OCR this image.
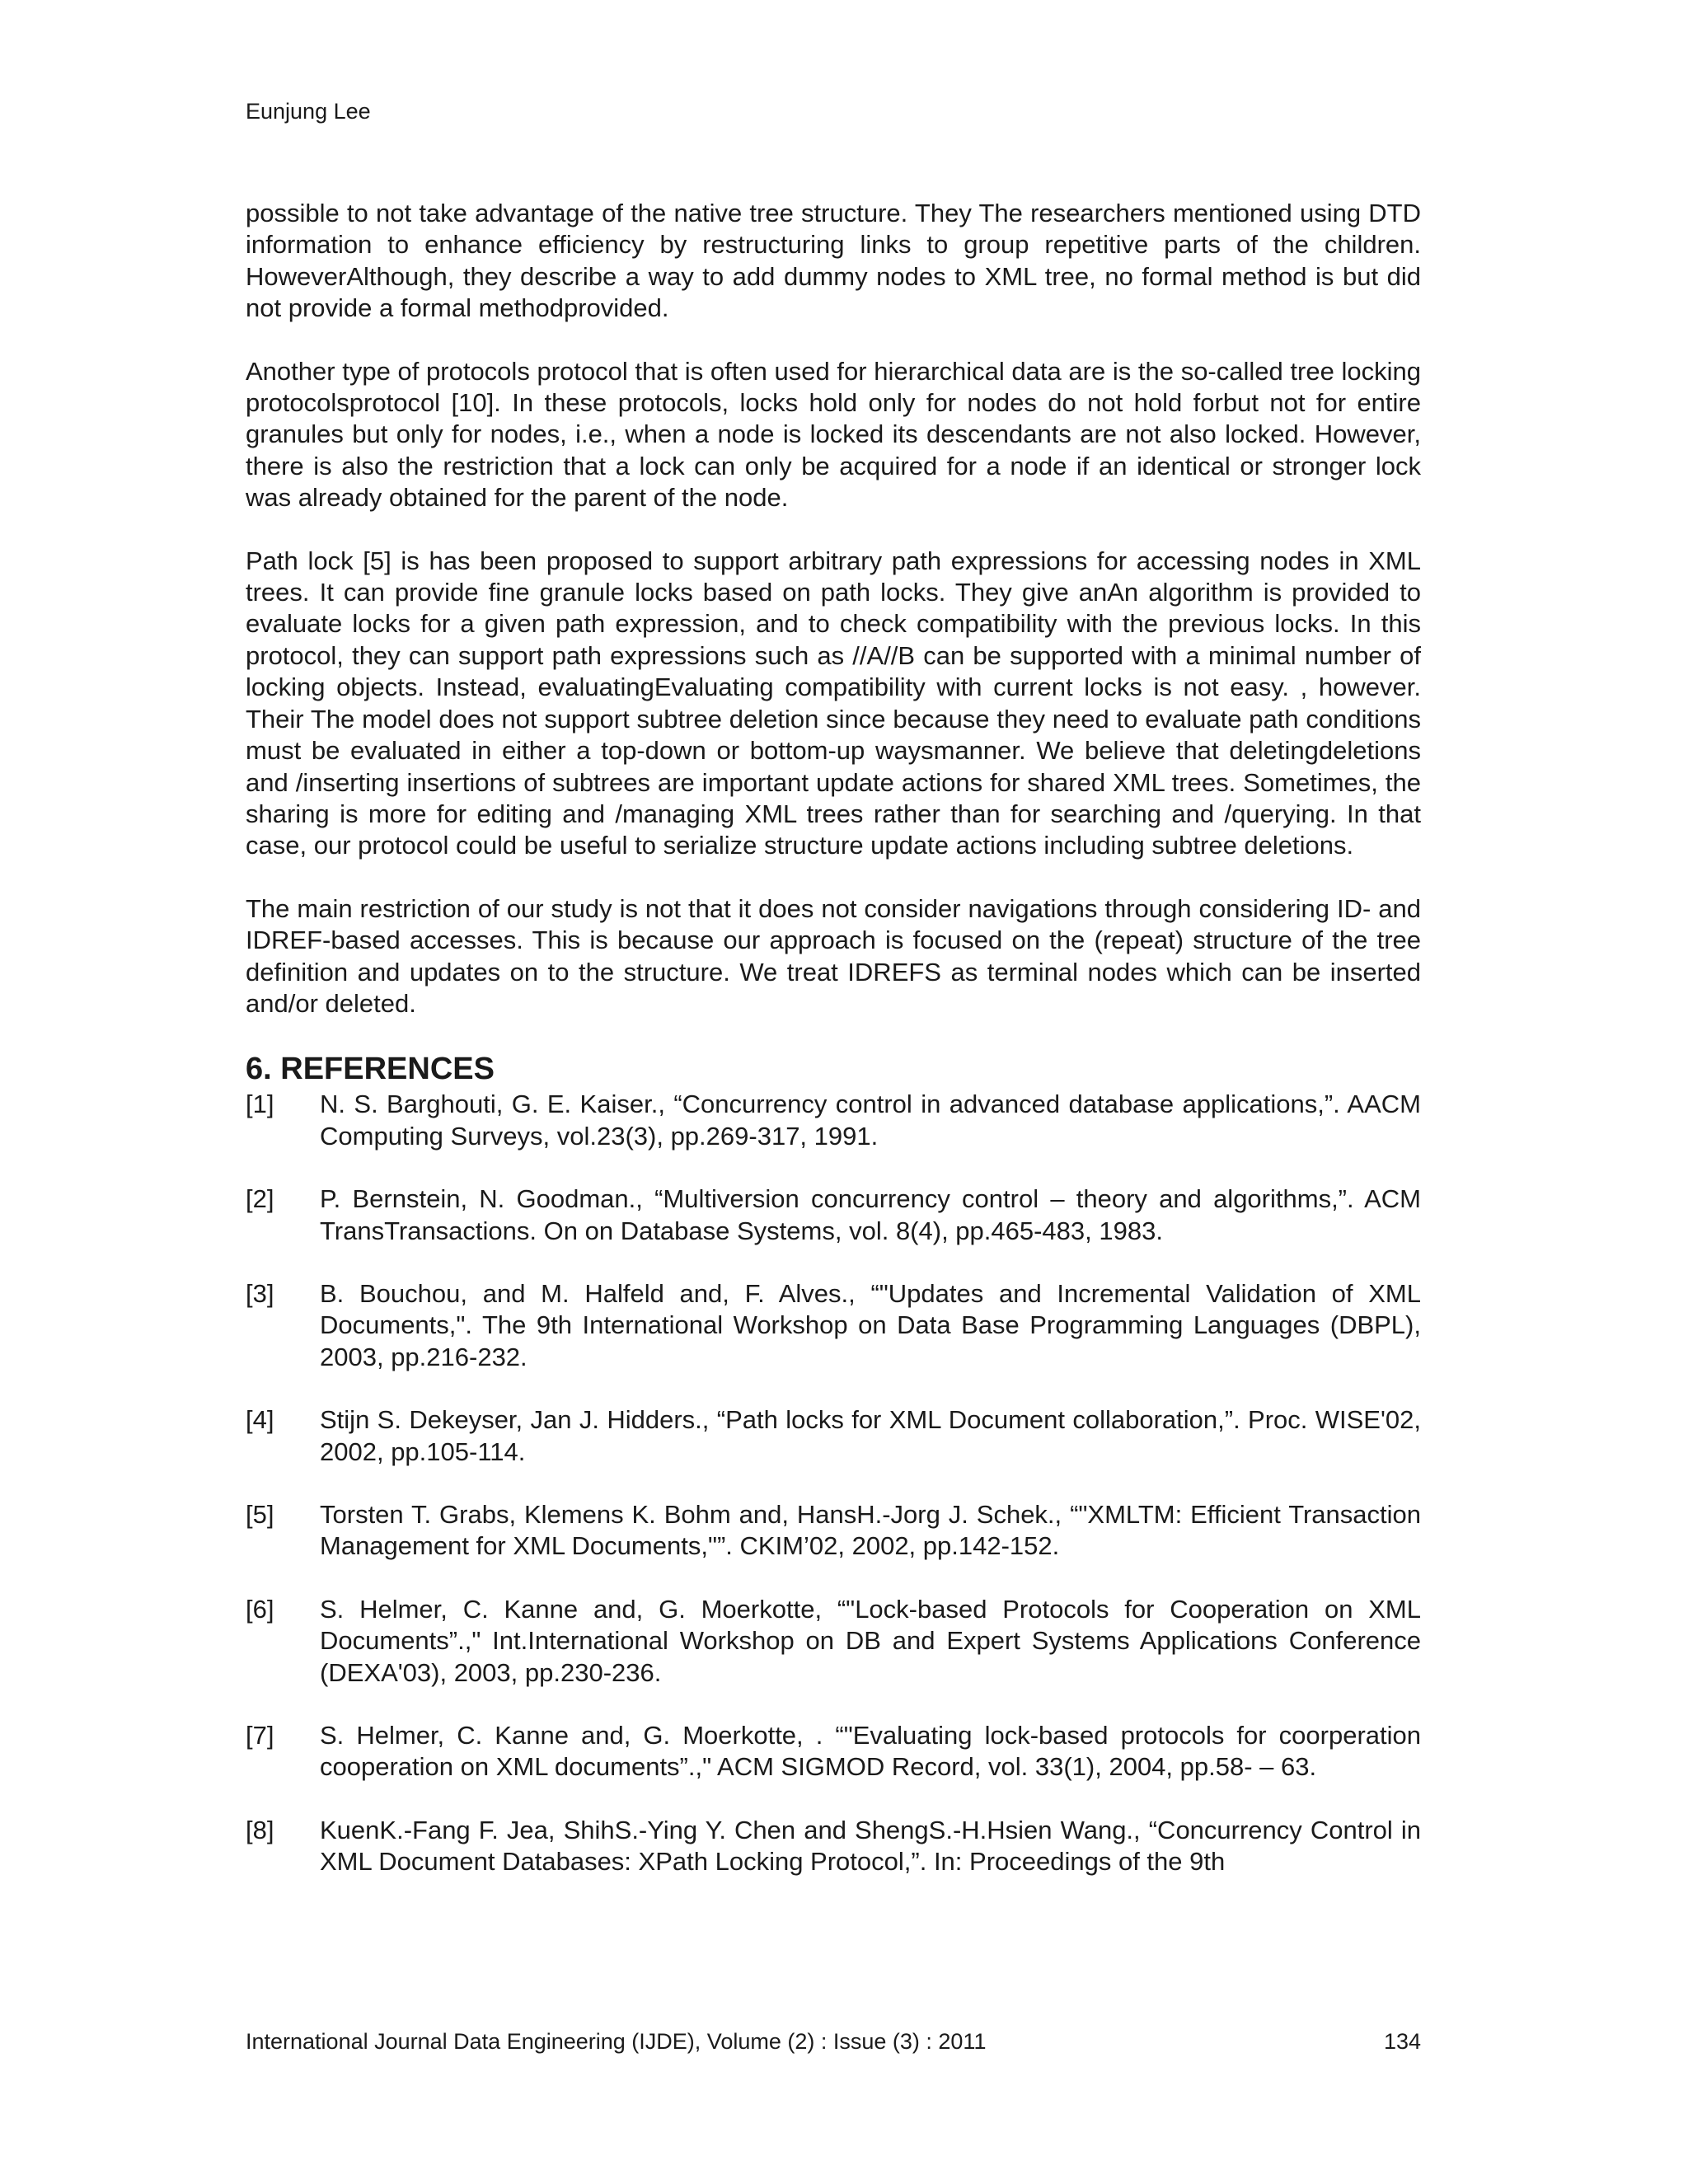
Eunjung Lee

possible to not take advantage of the native tree structure. They The researchers mentioned using DTD information to enhance efficiency by restructuring links to group repetitive parts of the children. HoweverAlthough, they describe a way to add dummy nodes to XML tree, no formal method is but did not provide a formal methodprovided.

Another type of protocols protocol that is often used for hierarchical data are is the so-called tree locking protocolsprotocol [10]. In these protocols, locks hold only for nodes do not hold forbut not for entire granules but only for nodes, i.e., when a node is locked its descendants are not also locked. However, there is also the restriction that a lock can only be acquired for a node if an identical or stronger lock was already obtained for the parent of the node.

Path lock [5] is has been proposed to support arbitrary path expressions for accessing nodes in XML trees. It can provide fine granule locks based on path locks. They give anAn algorithm is provided to evaluate locks for a given path expression, and to check compatibility with the previous locks. In this protocol, they can support path expressions such as //A//B can be supported with a minimal number of locking objects. Instead, evaluatingEvaluating compatibility with current locks is not easy. , however. Their The model does not support subtree deletion since because they need to evaluate path conditions must be evaluated in either a top-down or bottom-up waysmanner. We believe that deletingdeletions and /inserting insertions of subtrees are important update actions for shared XML trees. Sometimes, the sharing is more for editing and /managing XML trees rather than for searching and /querying. In that case, our protocol could be useful to serialize structure update actions including subtree deletions.

The main restriction of our study is not that it does not consider navigations through considering ID- and IDREF-based accesses. This is because our approach is focused on the (repeat) structure of the tree definition and updates on to the structure. We treat IDREFS as terminal nodes which can be inserted and/or deleted.

6. REFERENCES
[1]	N. S. Barghouti, G. E. Kaiser., “Concurrency control in advanced database applications,”. AACM Computing Surveys, vol.23(3), pp.269-317, 1991.
[2]	P. Bernstein, N. Goodman., “Multiversion concurrency control – theory and algorithms,”. ACM TransTransactions. On on Database Systems, vol. 8(4), pp.465-483, 1983.
[3]	B. Bouchou, and M. Halfeld and, F. Alves., “"Updates and Incremental Validation of XML Documents,". The 9th International Workshop on Data Base Programming Languages (DBPL), 2003, pp.216-232.
[4]	Stijn S. Dekeyser, Jan J. Hidders., “Path locks for XML Document collaboration,”. Proc. WISE'02, 2002, pp.105-114.
[5]	Torsten T. Grabs, Klemens K. Bohm and, HansH.-Jorg J. Schek., “"XMLTM: Efficient Transaction Management for XML Documents,"”. CKIM’02, 2002, pp.142-152.
[6]	S. Helmer, C. Kanne and, G. Moerkotte, “"Lock-based Protocols for Cooperation on XML Documents”.," Int.International Workshop on DB and Expert Systems Applications Conference (DEXA'03), 2003, pp.230-236.
[7]	S. Helmer, C. Kanne and, G. Moerkotte, . “"Evaluating lock-based protocols for coorperation cooperation on XML documents”.," ACM SIGMOD Record, vol. 33(1), 2004, pp.58- – 63.
[8]	KuenK.-Fang F. Jea, ShihS.-Ying Y. Chen and ShengS.-H.Hsien Wang., “Concurrency Control in XML Document Databases: XPath Locking Protocol,”. In: Proceedings of the 9th
International Journal Data Engineering (IJDE), Volume (2) : Issue (3) : 2011	134
